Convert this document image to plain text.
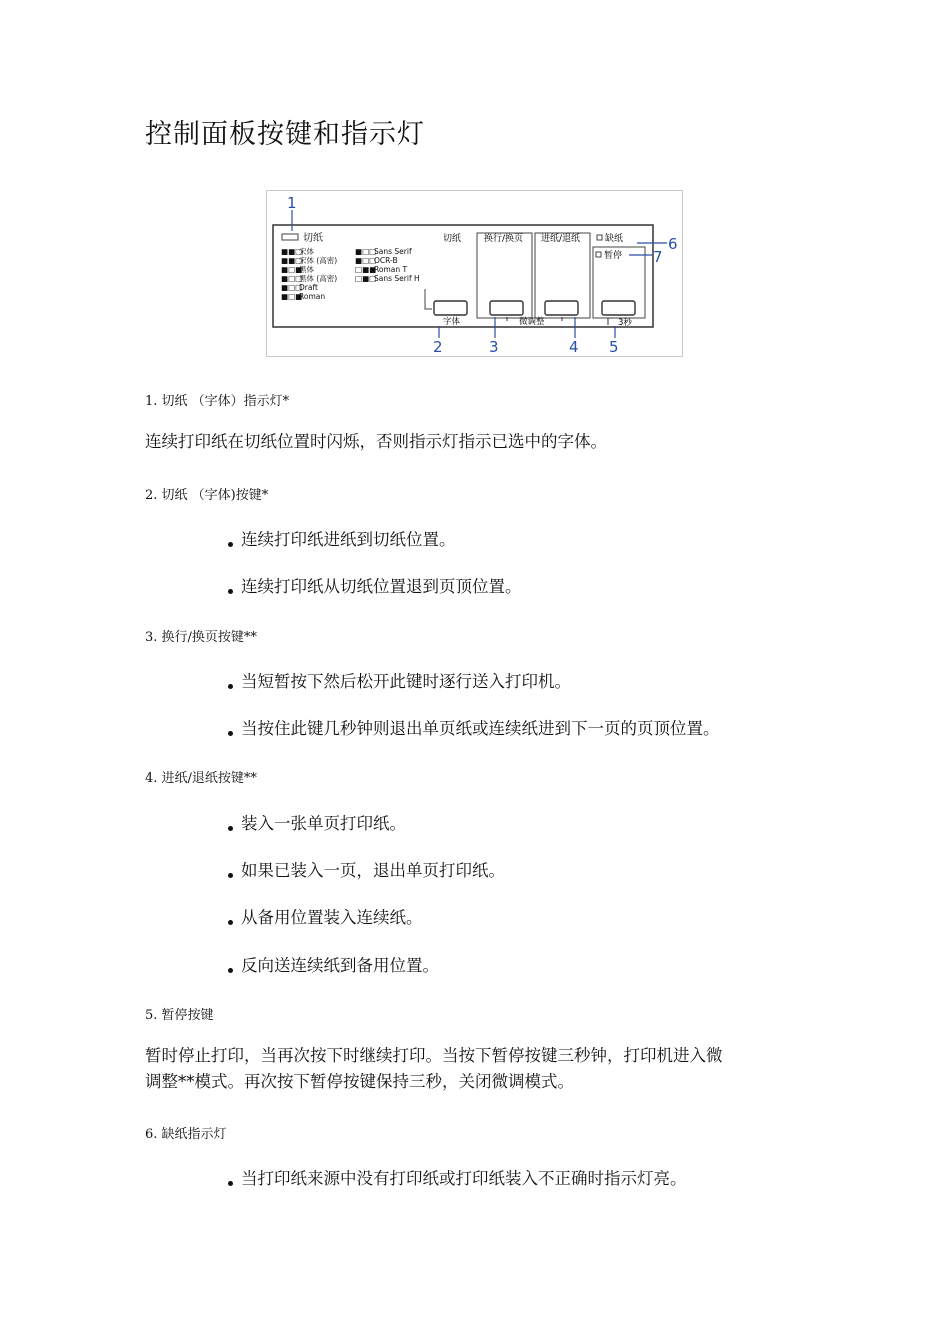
控制面板按键和指示灯
1
切纸
■■□
宋体
■■□
宋体 (高密)
■□■
黑体
■□□
黑体 (高密)
■□□
Draft
■□■
Roman
■□□
Sans Serif
■□□
OCR-B
□■■
Roman T
□■□
Sans Serif H
切纸	换行/换页 进纸/退纸	缺纸
暂停
6
7
字体	微调整	3秒
2	3	4 5

1. 切纸 （字体）指示灯*

连续打印纸在切纸位置时闪烁，否则指示灯指示已选中的字体。

2. 切纸 （字体)按键*

连续打印纸进纸到切纸位置。

连续打印纸从切纸位置退到页顶位置。

3. 换行/换页按键**

当短暂按下然后松开此键时逐行送入打印机。

当按住此键几秒钟则退出单页纸或连续纸进到下一页的页顶位置。

4. 进纸/退纸按键**

装入一张单页打印纸。

如果已装入一页，退出单页打印纸。

从备用位置装入连续纸。

反向送连续纸到备用位置。

5. 暂停按键

暂时停止打印，当再次按下时继续打印。当按下暂停按键三秒钟，打印机进入微

调整**模式。再次按下暂停按键保持三秒，关闭微调模式。

6. 缺纸指示灯

当打印纸来源中没有打印纸或打印纸装入不正确时指示灯亮。
